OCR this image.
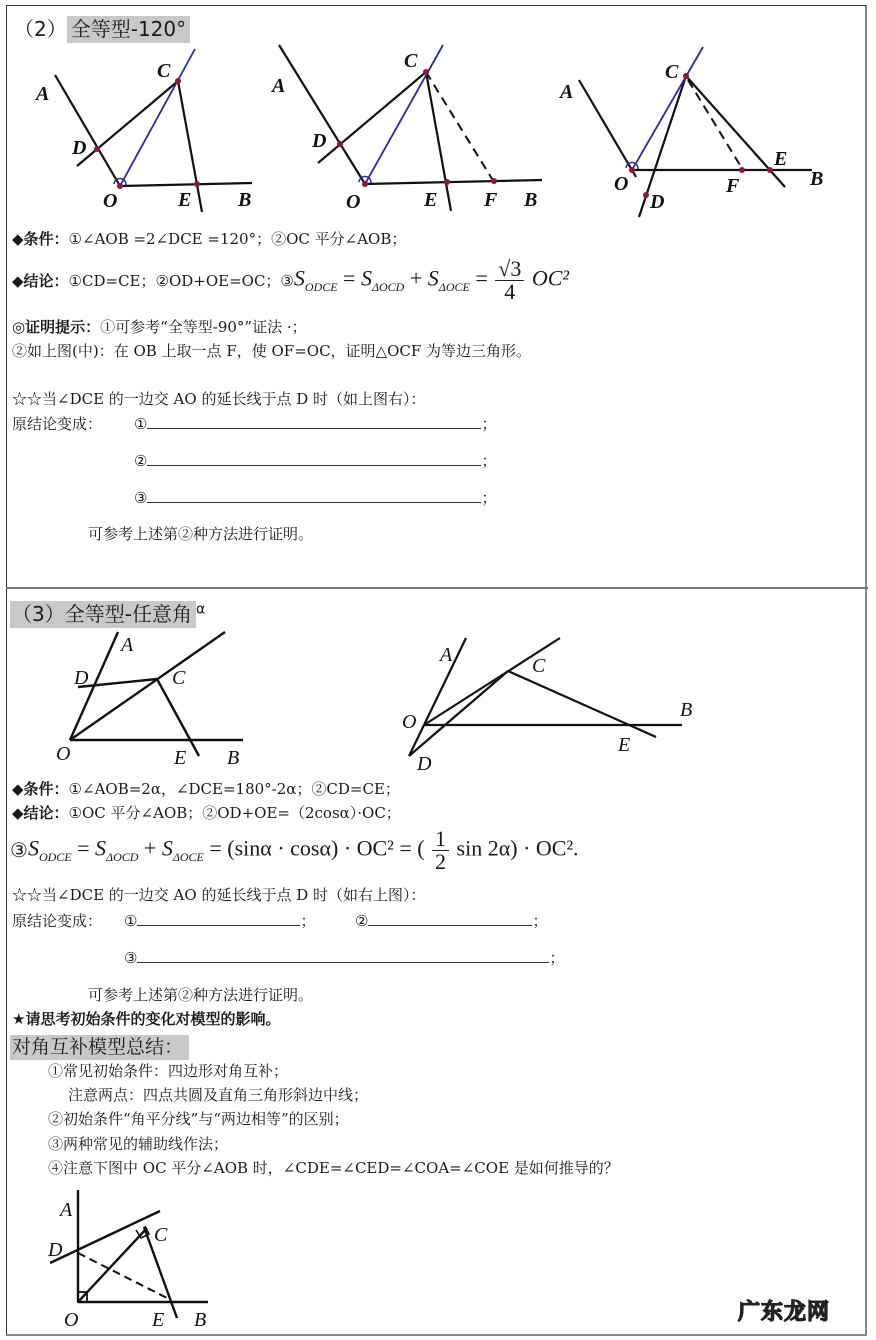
（2） 全等型-120°
A
C
D
O	E B
A
C
D
O	E F B
A
C
O
D
F
E
B
◆条件：①∠AOB =2∠DCE =120°；②OC 平分∠AOB；
◆结论： ①CD=CE；②OD+OE=OC；③ $S_{ODCE} = S_{\Delta OCD} + S_{\Delta OCE} = \frac{√3}{4} OC^2$
◎证明提示：①可参考“全等型-90°”证法 ·；
②如上图(中)：在 OB 上取一点 F，使 OF=OC，证明△OCF 为等边三角形。
☆☆当∠DCE 的一边交 AO 的延长线于点 D 时（如上图右）：
原结论变成： ①	；
②	；
③	；
可参考上述第②种方法进行证明。
（3）全等型-任意角 $^\alpha$
A
D	C
O	E B
A	C
O
B
E
D
◆条件：①∠AOB=2α，∠DCE=180°-2α；②CD=CE；
◆结论：①OC 平分∠AOB；②OD+OE=（2cosα）·OC；
③ $S_{ODCE} = S_{\Delta OCD} + S_{\Delta OCE} = (\sin\alpha \cdot \cos\alpha) \cdot OC^2$ = ( $\frac{1}{2}$ sin 2α) · OC².
☆☆当∠DCE 的一边交 AO 的延长线于点 D 时（如右上图）：
原结论变成： ①	；	②	；
③	；
可参考上述第②种方法进行证明。
★请思考初始条件的变化对模型的影响。
对角互补模型总结：
①常见初始条件：四边形对角互补；
注意两点：四点共圆及直角三角形斜边中线；
②初始条件“角平分线”与“两边相等”的区别；
③两种常见的辅助线作法；
④注意下图中 OC 平分∠AOB 时，∠CDE=∠CED=∠COA=∠COE 是如何推导的？
A
C
D
O	E B	广东龙网
